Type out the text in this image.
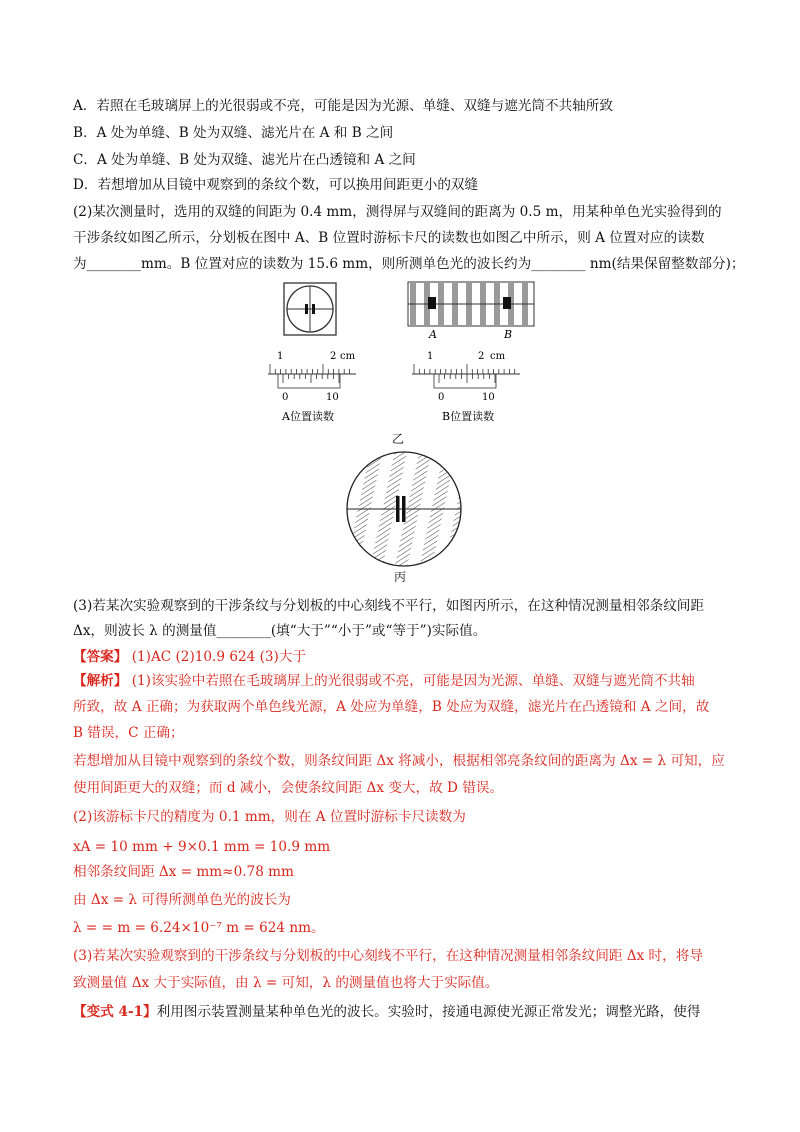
A．若照在毛玻璃屏上的光很弱或不亮，可能是因为光源、单缝、双缝与遮光筒不共轴所致
B．A 处为单缝、B 处为双缝、滤光片在 A 和 B 之间
C．A 处为单缝、B 处为双缝、滤光片在凸透镜和 A 之间
D．若想增加从目镜中观察到的条纹个数，可以换用间距更小的双缝
(2)某次测量时，选用的双缝的间距为 0.4 mm，测得屏与双缝间的距离为 0.5 m，用某种单色光实验得到的
干涉条纹如图乙所示，分划板在图中 A、B 位置时游标卡尺的读数也如图乙中所示，则 A 位置对应的读数
为________mm。B 位置对应的读数为 15.6 mm，则所测单色光的波长约为________ nm(结果保留整数部分)；
A	B
1	2 cm
0	10
A位置读数
1	2 cm
0	10
B位置读数
乙
丙
(3)若某次实验观察到的干涉条纹与分划板的中心刻线不平行，如图丙所示，在这种情况测量相邻条纹间距
Δx，则波长 λ 的测量值________(填“大于”“小于”或“等于”)实际值。
【答案】 (1)AC (2)10.9 624 (3)大于
【解析】 (1)该实验中若照在毛玻璃屏上的光很弱或不亮，可能是因为光源、单缝、双缝与遮光筒不共轴
所致，故 A 正确；为获取两个单色线光源，A 处应为单缝，B 处应为双缝，滤光片在凸透镜和 A 之间，故
B 错误，C 正确；
若想增加从目镜中观察到的条纹个数，则条纹间距 Δx 将减小，根据相邻亮条纹间的距离为 Δx = λ 可知，应
使用间距更大的双缝；而 d 减小，会使条纹间距 Δx 变大，故 D 错误。
(2)该游标卡尺的精度为 0.1 mm，则在 A 位置时游标卡尺读数为
xA = 10 mm + 9×0.1 mm = 10.9 mm
相邻条纹间距 Δx = mm≈0.78 mm
由 Δx = λ 可得所测单色光的波长为
λ = = m = 6.24×10⁻⁷ m = 624 nm。
(3)若某次实验观察到的干涉条纹与分划板的中心刻线不平行，在这种情况测量相邻条纹间距 Δx 时，将导
致测量值 Δx 大于实际值，由 λ = 可知，λ 的测量值也将大于实际值。
【变式 4-1】利用图示装置测量某种单色光的波长。实验时，接通电源使光源正常发光；调整光路，使得
